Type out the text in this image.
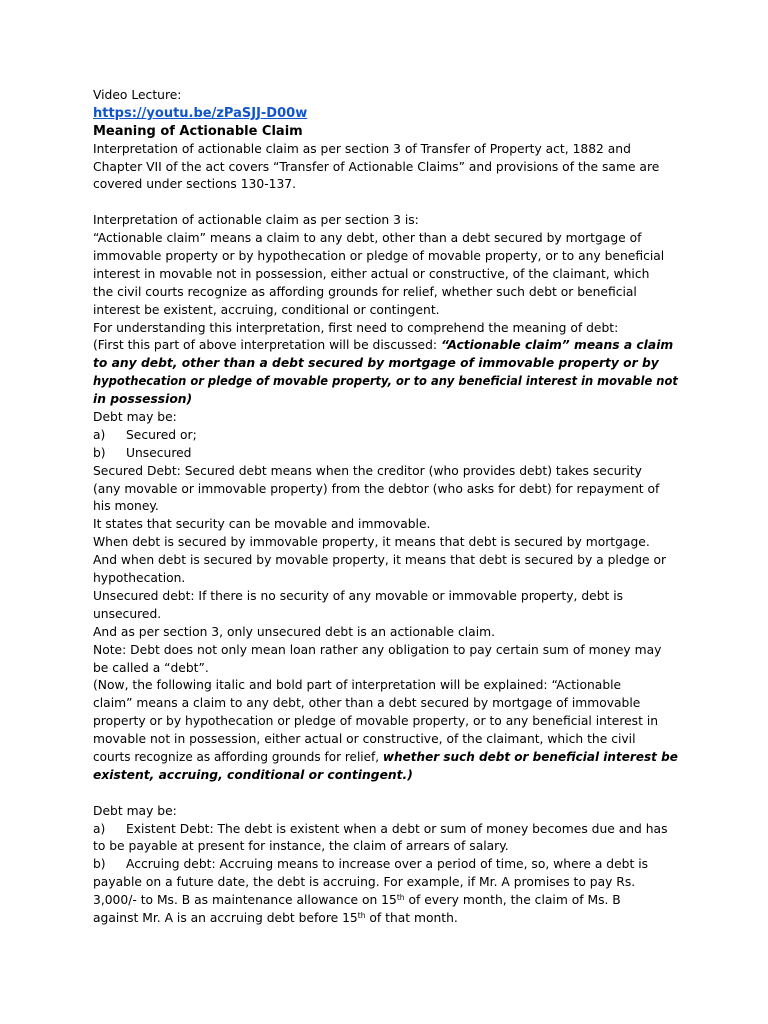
Video Lecture:
https://youtu.be/zPaSJJ-D00w
Meaning of Actionable Claim
Interpretation of actionable claim as per section 3 of Transfer of Property act, 1882 and
Chapter VII of the act covers “Transfer of Actionable Claims” and provisions of the same are
covered under sections 130-137.
Interpretation of actionable claim as per section 3 is:
“Actionable claim” means a claim to any debt, other than a debt secured by mortgage of
immovable property or by hypothecation or pledge of movable property, or to any beneficial
interest in movable not in possession, either actual or constructive, of the claimant, which
the civil courts recognize as affording grounds for relief, whether such debt or beneficial
interest be existent, accruing, conditional or contingent.
For understanding this interpretation, first need to comprehend the meaning of debt:
(First this part of above interpretation will be discussed: “Actionable claim” means a claim
to any debt, other than a debt secured by mortgage of immovable property or by
hypothecation or pledge of movable property, or to any beneficial interest in movable not
in possession)
Debt may be:
a) Secured or;
b) Unsecured
Secured Debt: Secured debt means when the creditor (who provides debt) takes security
(any movable or immovable property) from the debtor (who asks for debt) for repayment of
his money.
It states that security can be movable and immovable.
When debt is secured by immovable property, it means that debt is secured by mortgage.
And when debt is secured by movable property, it means that debt is secured by a pledge or
hypothecation.
Unsecured debt: If there is no security of any movable or immovable property, debt is
unsecured.
And as per section 3, only unsecured debt is an actionable claim.
Note: Debt does not only mean loan rather any obligation to pay certain sum of money may
be called a “debt”.
(Now, the following italic and bold part of interpretation will be explained: “Actionable
claim” means a claim to any debt, other than a debt secured by mortgage of immovable
property or by hypothecation or pledge of movable property, or to any beneficial interest in
movable not in possession, either actual or constructive, of the claimant, which the civil
courts recognize as affording grounds for relief, whether such debt or beneficial interest be
existent, accruing, conditional or contingent.)
Debt may be:
a) Existent Debt: The debt is existent when a debt or sum of money becomes due and has
to be payable at present for instance, the claim of arrears of salary.
b) Accruing debt: Accruing means to increase over a period of time, so, where a debt is
payable on a future date, the debt is accruing. For example, if Mr. A promises to pay Rs.
3,000/- to Ms. B as maintenance allowance on 15th of every month, the claim of Ms. B
against Mr. A is an accruing debt before 15th of that month.
